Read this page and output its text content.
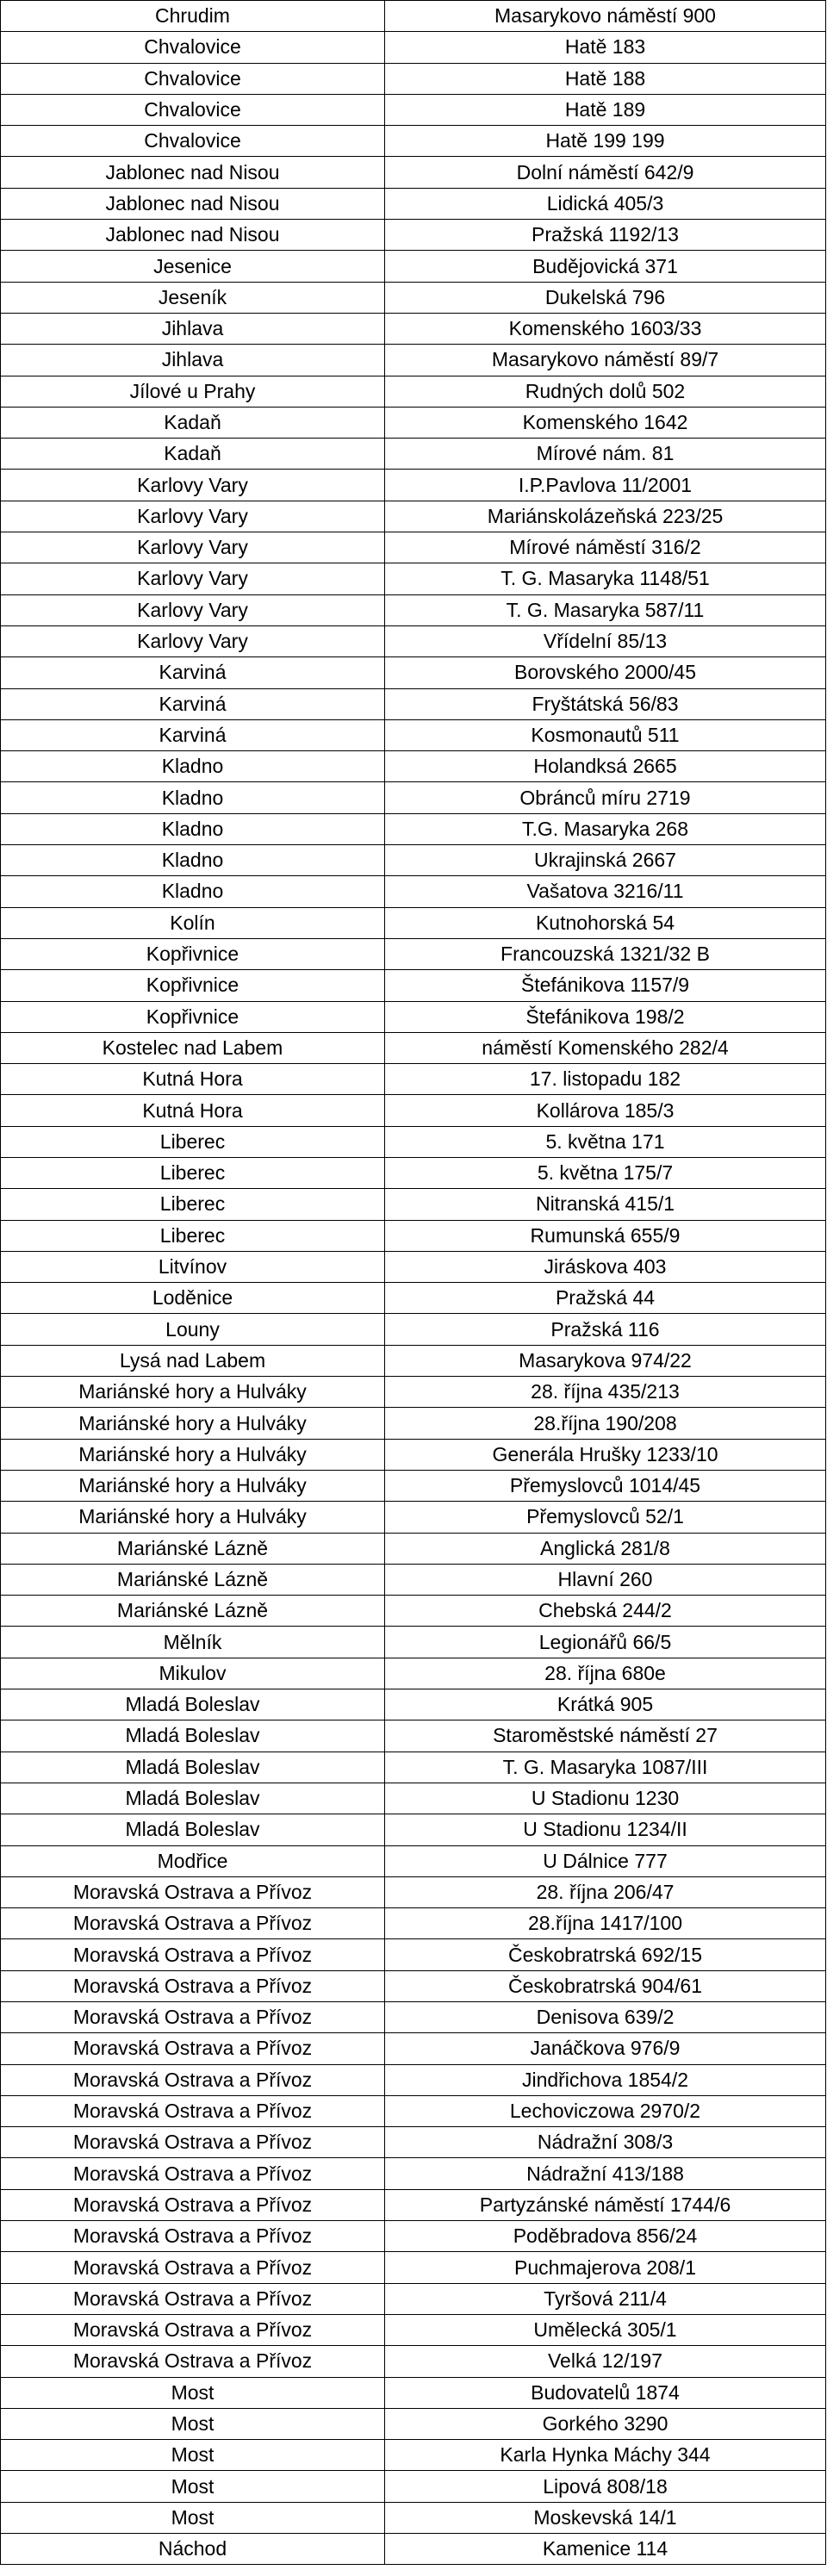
Chrudim	Masarykovo náměstí 900
Chvalovice	Hatě 183
Chvalovice	Hatě 188
Chvalovice	Hatě 189
Chvalovice	Hatě 199 199
Jablonec nad Nisou	Dolní náměstí 642/9
Jablonec nad Nisou	Lidická 405/3
Jablonec nad Nisou	Pražská 1192/13
Jesenice	Budějovická 371
Jeseník	Dukelská 796
Jihlava	Komenského 1603/33
Jihlava	Masarykovo náměstí 89/7
Jílové u Prahy	Rudných dolů 502
Kadaň	Komenského 1642
Kadaň	Mírové nám. 81
Karlovy Vary	I.P.Pavlova 11/2001
Karlovy Vary	Mariánskolázeňská 223/25
Karlovy Vary	Mírové náměstí 316/2
Karlovy Vary	T. G. Masaryka 1148/51
Karlovy Vary	T. G. Masaryka 587/11
Karlovy Vary	Vřídelní 85/13
Karviná	Borovského 2000/45
Karviná	Fryštátská 56/83
Karviná	Kosmonautů 511
Kladno	Holandksá 2665
Kladno	Obránců míru 2719
Kladno	T.G. Masaryka 268
Kladno	Ukrajinská 2667
Kladno	Vašatova 3216/11
Kolín	Kutnohorská 54
Kopřivnice	Francouzská 1321/32 B
Kopřivnice	Štefánikova 1157/9
Kopřivnice	Štefánikova 198/2
Kostelec nad Labem	náměstí Komenského 282/4
Kutná Hora	17. listopadu 182
Kutná Hora	Kollárova 185/3
Liberec	5. května 171
Liberec	5. května 175/7
Liberec	Nitranská 415/1
Liberec	Rumunská 655/9
Litvínov	Jiráskova 403
Loděnice	Pražská 44
Louny	Pražská 116
Lysá nad Labem	Masarykova 974/22
Mariánské hory a Hulváky	28. října 435/213
Mariánské hory a Hulváky	28.října 190/208
Mariánské hory a Hulváky	Generála Hrušky 1233/10
Mariánské hory a Hulváky	Přemyslovců 1014/45
Mariánské hory a Hulváky	Přemyslovců 52/1
Mariánské Lázně	Anglická 281/8
Mariánské Lázně	Hlavní 260
Mariánské Lázně	Chebská 244/2
Mělník	Legionářů 66/5
Mikulov	28. října 680e
Mladá Boleslav	Krátká 905
Mladá Boleslav	Staroměstské náměstí 27
Mladá Boleslav	T. G. Masaryka 1087/III
Mladá Boleslav	U Stadionu 1230
Mladá Boleslav	U Stadionu 1234/II
Modřice	U Dálnice 777
Moravská Ostrava a Přívoz	28. října 206/47
Moravská Ostrava a Přívoz	28.října 1417/100
Moravská Ostrava a Přívoz	Českobratrská 692/15
Moravská Ostrava a Přívoz	Českobratrská 904/61
Moravská Ostrava a Přívoz	Denisova 639/2
Moravská Ostrava a Přívoz	Janáčkova 976/9
Moravská Ostrava a Přívoz	Jindřichova 1854/2
Moravská Ostrava a Přívoz	Lechoviczowa 2970/2
Moravská Ostrava a Přívoz	Nádražní 308/3
Moravská Ostrava a Přívoz	Nádražní 413/188
Moravská Ostrava a Přívoz	Partyzánské náměstí 1744/6
Moravská Ostrava a Přívoz	Poděbradova 856/24
Moravská Ostrava a Přívoz	Puchmajerova 208/1
Moravská Ostrava a Přívoz	Tyršová 211/4
Moravská Ostrava a Přívoz	Umělecká 305/1
Moravská Ostrava a Přívoz	Velká 12/197
Most	Budovatelů 1874
Most	Gorkého 3290
Most	Karla Hynka Máchy 344
Most	Lipová 808/18
Most	Moskevská 14/1
Náchod	Kamenice 114
